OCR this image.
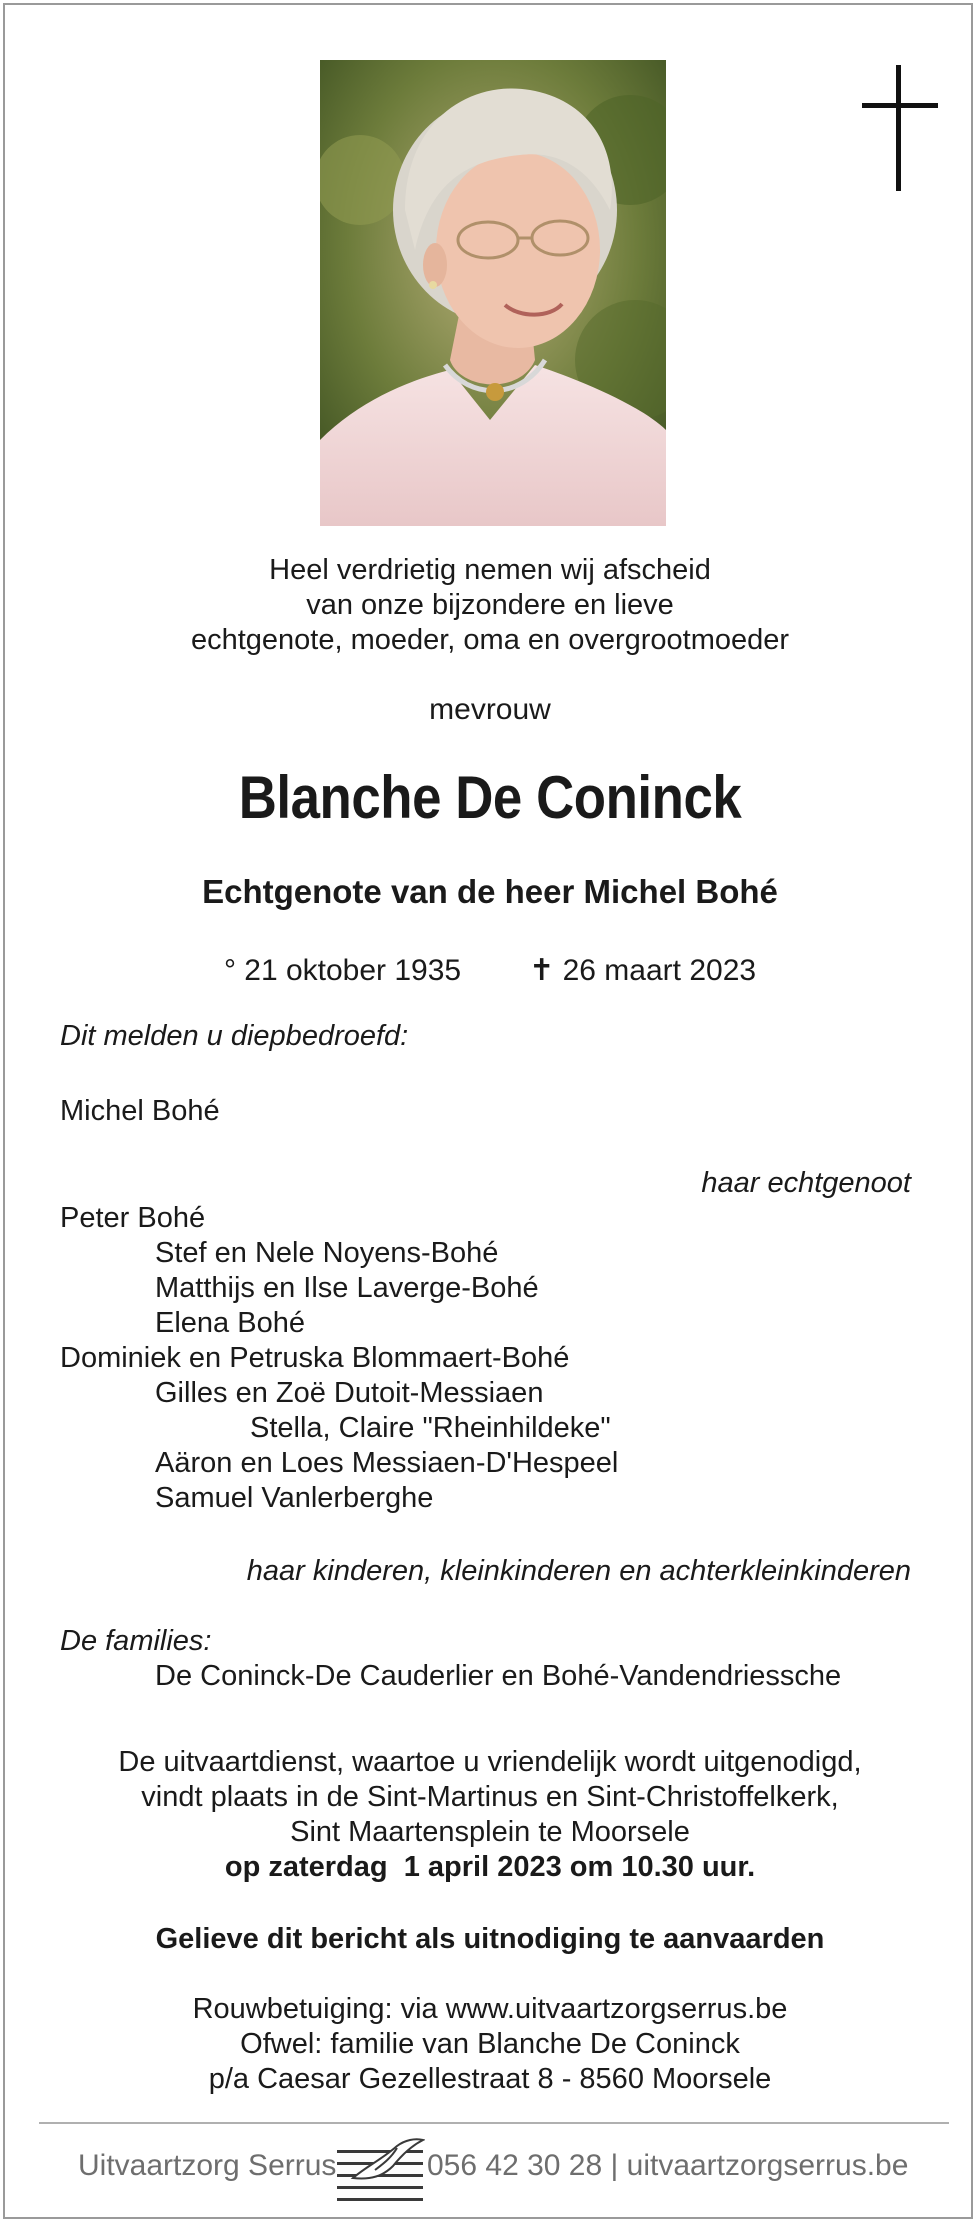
Heel verdrietig nemen wij afscheid
van onze bijzondere en lieve
echtgenote, moeder, oma en overgrootmoeder
mevrouw
Blanche De Coninck
Echtgenote van de heer Michel Bohé
° 21 oktober 1935 ✝ 26 maart 2023
Dit melden u diepbedroefd:
Michel Bohé
haar echtgenoot
Peter Bohé
Stef en Nele Noyens-Bohé
Matthijs en Ilse Laverge-Bohé
Elena Bohé
Dominiek en Petruska Blommaert-Bohé
Gilles en Zoë Dutoit-Messiaen
Stella, Claire "Rheinhildeke"
Aäron en Loes Messiaen-D'Hespeel
Samuel Vanlerberghe
haar kinderen, kleinkinderen en achterkleinkinderen
De families:
De Coninck-De Cauderlier en Bohé-Vandendriessche
De uitvaartdienst, waartoe u vriendelijk wordt uitgenodigd,
vindt plaats in de Sint-Martinus en Sint-Christoffelkerk,
Sint Maartensplein te Moorsele
op zaterdag  1 april 2023 om 10.30 uur.
Gelieve dit bericht als uitnodiging te aanvaarden
Rouwbetuiging: via www.uitvaartzorgserrus.be
Ofwel: familie van Blanche De Coninck
p/a Caesar Gezellestraat 8 - 8560 Moorsele
Uitvaartzorg Serrus	056 42 30 28 | uitvaartzorgserrus.be
